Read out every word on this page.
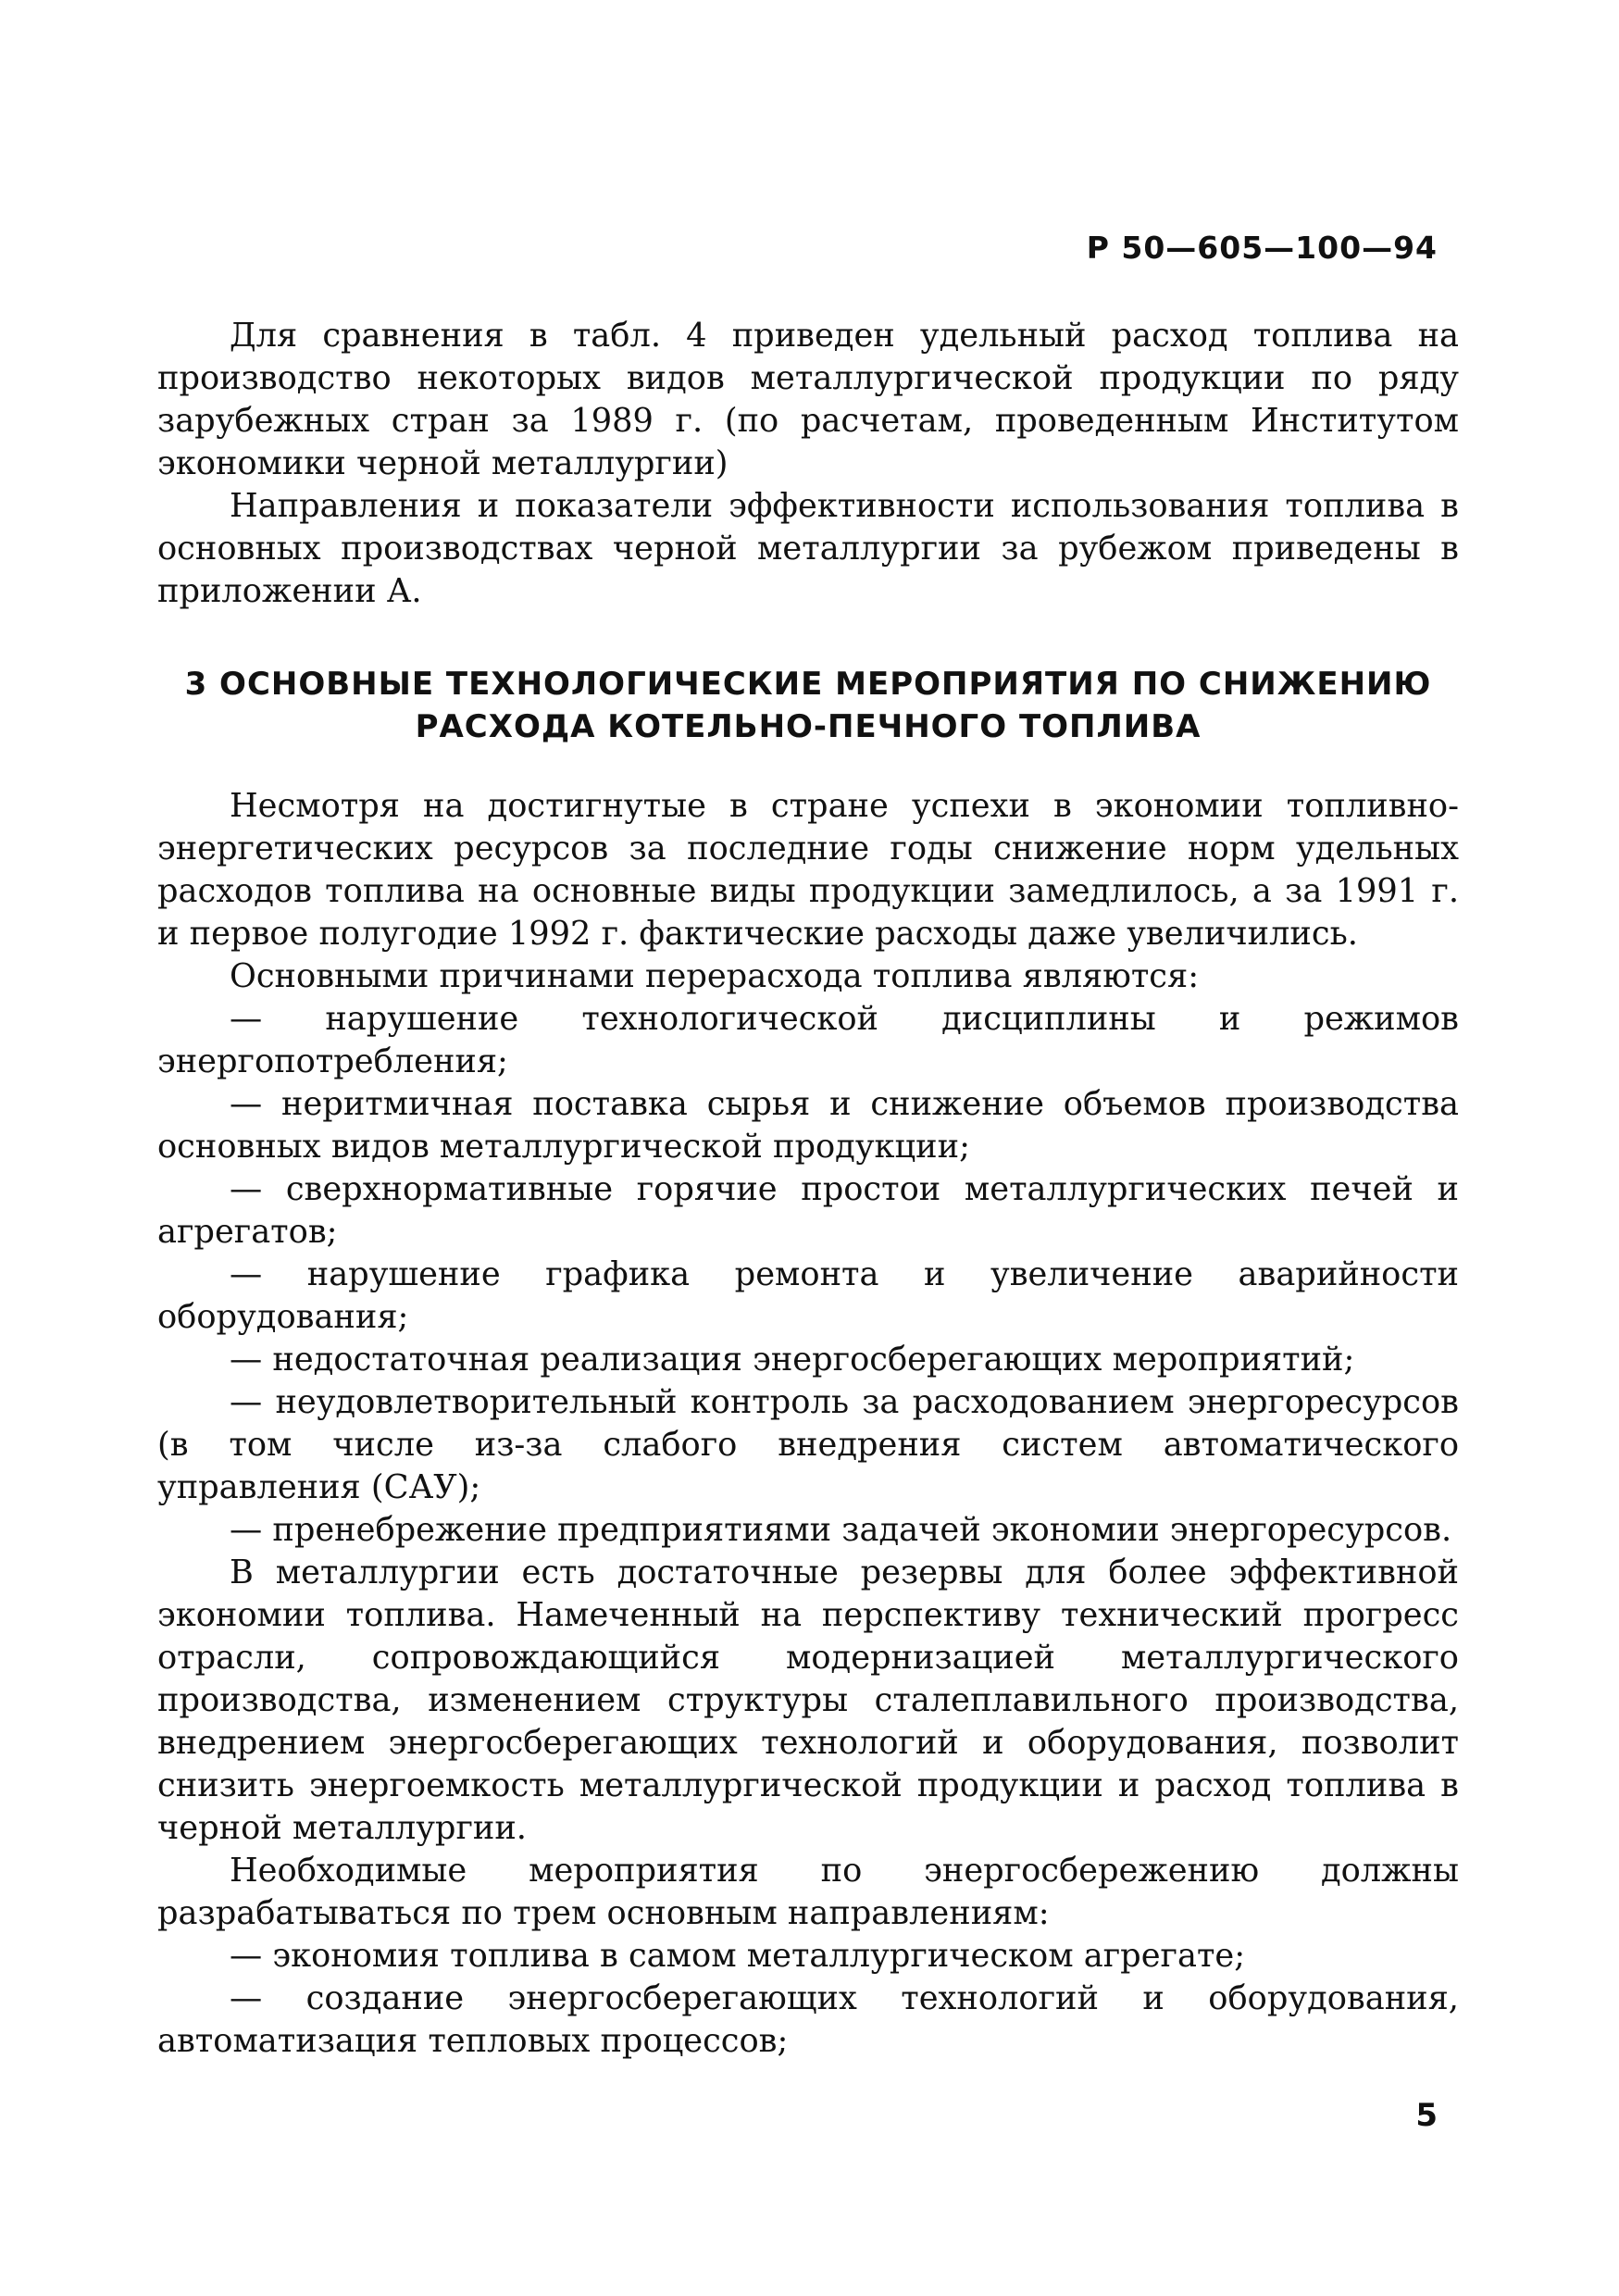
Р 50—605—100—94

Для сравнения в табл. 4 приведен удельный расход топлива на производство некоторых видов металлургической продукции по ряду зарубежных стран за 1989 г. (по расчетам, проведенным Институтом экономики черной металлургии)

Направления и показатели эффективности использования топлива в основных производствах черной металлургии за рубежом приведены в приложении А.

3 ОСНОВНЫЕ ТЕХНОЛОГИЧЕСКИЕ МЕРОПРИЯТИЯ ПО СНИЖЕНИЮ
РАСХОДА КОТЕЛЬНО-ПЕЧНОГО ТОПЛИВА

Несмотря на достигнутые в стране успехи в экономии топливно-энергетических ресурсов за последние годы снижение норм удельных расходов топлива на основные виды продукции замедлилось, а за 1991 г. и первое полугодие 1992 г. фактические расходы даже увеличились.

Основными причинами перерасхода топлива являются:

— нарушение технологической дисциплины и режимов энергопотребления;

— неритмичная поставка сырья и снижение объемов производства основных видов металлургической продукции;

— сверхнормативные горячие простои металлургических печей и агрегатов;

— нарушение графика ремонта и увеличение аварийности оборудования;

— недостаточная реализация энергосберегающих мероприятий;

— неудовлетворительный контроль за расходованием энергоресурсов (в том числе из-за слабого внедрения систем автоматического управления (САУ);

— пренебрежение предприятиями задачей экономии энергоресурсов.

В металлургии есть достаточные резервы для более эффективной экономии топлива. Намеченный на перспективу технический прогресс отрасли, сопровождающийся модернизацией металлургического производства, изменением структуры сталеплавильного производства, внедрением энергосберегающих технологий и оборудования, позволит снизить энергоемкость металлургической продукции и расход топлива в черной металлургии.

Необходимые мероприятия по энергосбережению должны разрабатываться по трем основным направлениям:

— экономия топлива в самом металлургическом агрегате;

— создание энергосберегающих технологий и оборудования, автоматизация тепловых процессов;

5
